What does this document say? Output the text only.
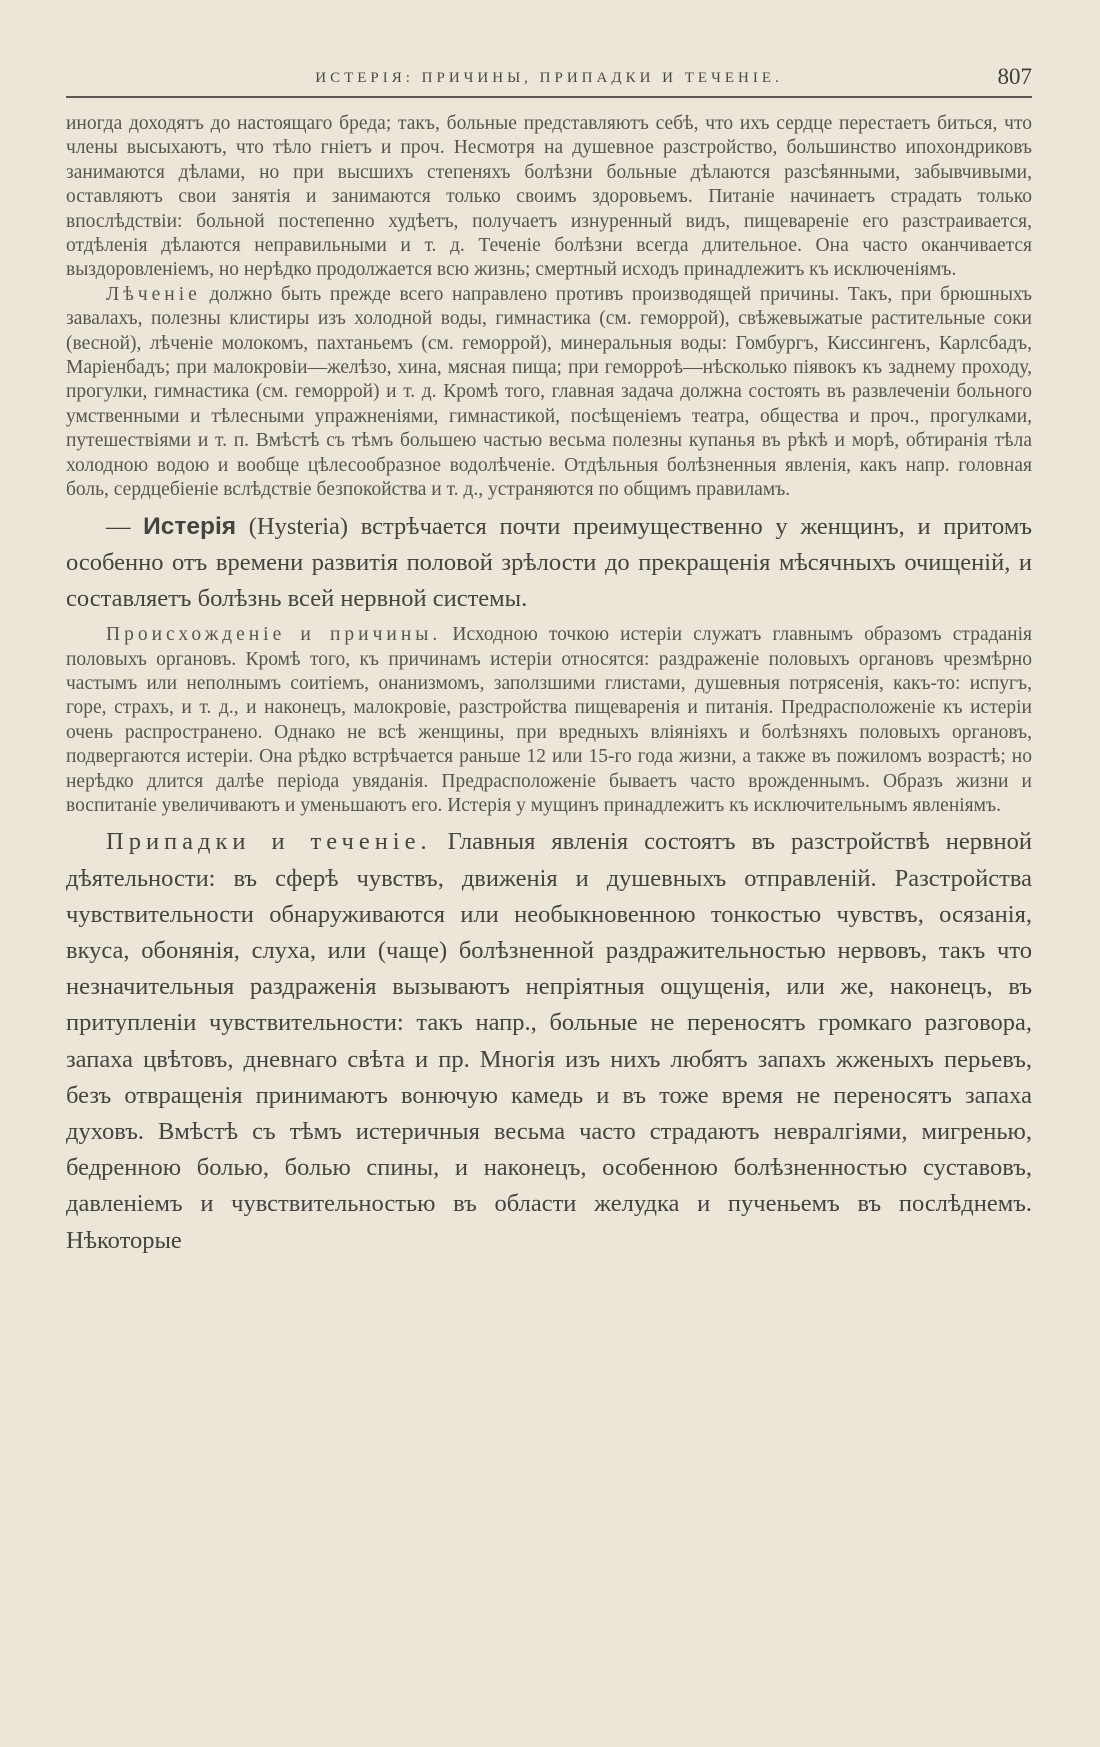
ИСТЕРІЯ: ПРИЧИНЫ, ПРИПАДКИ И ТЕЧЕНІЕ.	807

иногда доходятъ до настоящаго бреда; такъ, больные представляютъ себѣ, что ихъ сердце перестаетъ биться, что члены высыхаютъ, что тѣло гніетъ и проч. Несмотря на душевное разстройство, большинство ипохондриковъ занимаются дѣлами, но при высшихъ степеняхъ болѣзни больные дѣлаются разсѣянными, забывчивыми, оставляютъ свои занятія и занимаются только своимъ здоровьемъ. Питаніе начинаетъ страдать только впослѣдствіи: больной постепенно худѣетъ, получаетъ изнуренный видъ, пищевареніе его разстраивается, отдѣленія дѣлаются неправильными и т. д. Теченіе болѣзни всегда длительное. Она часто оканчивается выздоровленіемъ, но нерѣдко продолжается всю жизнь; смертный исходъ принадлежитъ къ исключеніямъ.

Лѣченіе должно быть прежде всего направлено противъ производящей причины. Такъ, при брюшныхъ завалахъ, полезны клистиры изъ холодной воды, гимнастика (см. геморрой), свѣжевыжатые растительные соки (весной), лѣченіе молокомъ, пахтаньемъ (см. геморрой), минеральныя воды: Гомбургъ, Киссингенъ, Карлсбадъ, Маріенбадъ; при малокровіи—желѣзо, хина, мясная пища; при геморроѣ—нѣсколько піявокъ къ заднему проходу, прогулки, гимнастика (см. геморрой) и т. д. Кромѣ того, главная задача должна состоять въ развлеченіи больного умственными и тѣлесными упражненіями, гимнастикой, посѣщеніемъ театра, общества и проч., прогулками, путешествіями и т. п. Вмѣстѣ съ тѣмъ большею частью весьма полезны купанья въ рѣкѣ и морѣ, обтиранія тѣла холодною водою и вообще цѣлесообразное водолѣченіе. Отдѣльныя болѣзненныя явленія, какъ напр. головная боль, сердцебіеніе вслѣдствіе безпокойства и т. д., устраняются по общимъ правиламъ.

— Истерія (Hysteria) встрѣчается почти преимущественно у женщинъ, и притомъ особенно отъ времени развитія половой зрѣлости до прекращенія мѣсячныхъ очищеній, и составляетъ болѣзнь всей нервной системы.

Происхожденіе и причины. Исходною точкою истеріи служатъ главнымъ образомъ страданія половыхъ органовъ. Кромѣ того, къ причинамъ истеріи относятся: раздраженіе половыхъ органовъ чрезмѣрно частымъ или неполнымъ соитіемъ, онанизмомъ, заползшими глистами, душевныя потрясенія, какъ-то: испугъ, горе, страхъ, и т. д., и наконецъ, малокровіе, разстройства пищеваренія и питанія. Предрасположеніе къ истеріи очень распространено. Однако не всѣ женщины, при вредныхъ вліяніяхъ и болѣзняхъ половыхъ органовъ, подвергаются истеріи. Она рѣдко встрѣчается раньше 12 или 15-го года жизни, а также въ пожиломъ возрастѣ; но нерѣдко длится далѣе періода увяданія. Предрасположеніе бываетъ часто врожденнымъ. Образъ жизни и воспитаніе увеличиваютъ и уменьшаютъ его. Истерія у мущинъ принадлежитъ къ исключительнымъ явленіямъ.

Припадки и теченіе. Главныя явленія состоятъ въ разстройствѣ нервной дѣятельности: въ сферѣ чувствъ, движенія и душевныхъ отправленій. Разстройства чувствительности обнаруживаются или необыкновенною тонкостью чувствъ, осязанія, вкуса, обонянія, слуха, или (чаще) болѣзненной раздражительностью нервовъ, такъ что незначительныя раздраженія вызываютъ непріятныя ощущенія, или же, наконецъ, въ притупленіи чувствительности: такъ напр., больные не переносятъ громкаго разговора, запаха цвѣтовъ, дневнаго свѣта и пр. Многія изъ нихъ любятъ запахъ жженыхъ перьевъ, безъ отвращенія принимаютъ вонючую камедь и въ тоже время не переносятъ запаха духовъ. Вмѣстѣ съ тѣмъ истеричныя весьма часто страдаютъ невралгіями, мигренью, бедренною болью, болью спины, и наконецъ, особенною болѣзненностью суставовъ, давленіемъ и чувствительностью въ области желудка и пученьемъ въ послѣднемъ. Нѣкоторые
